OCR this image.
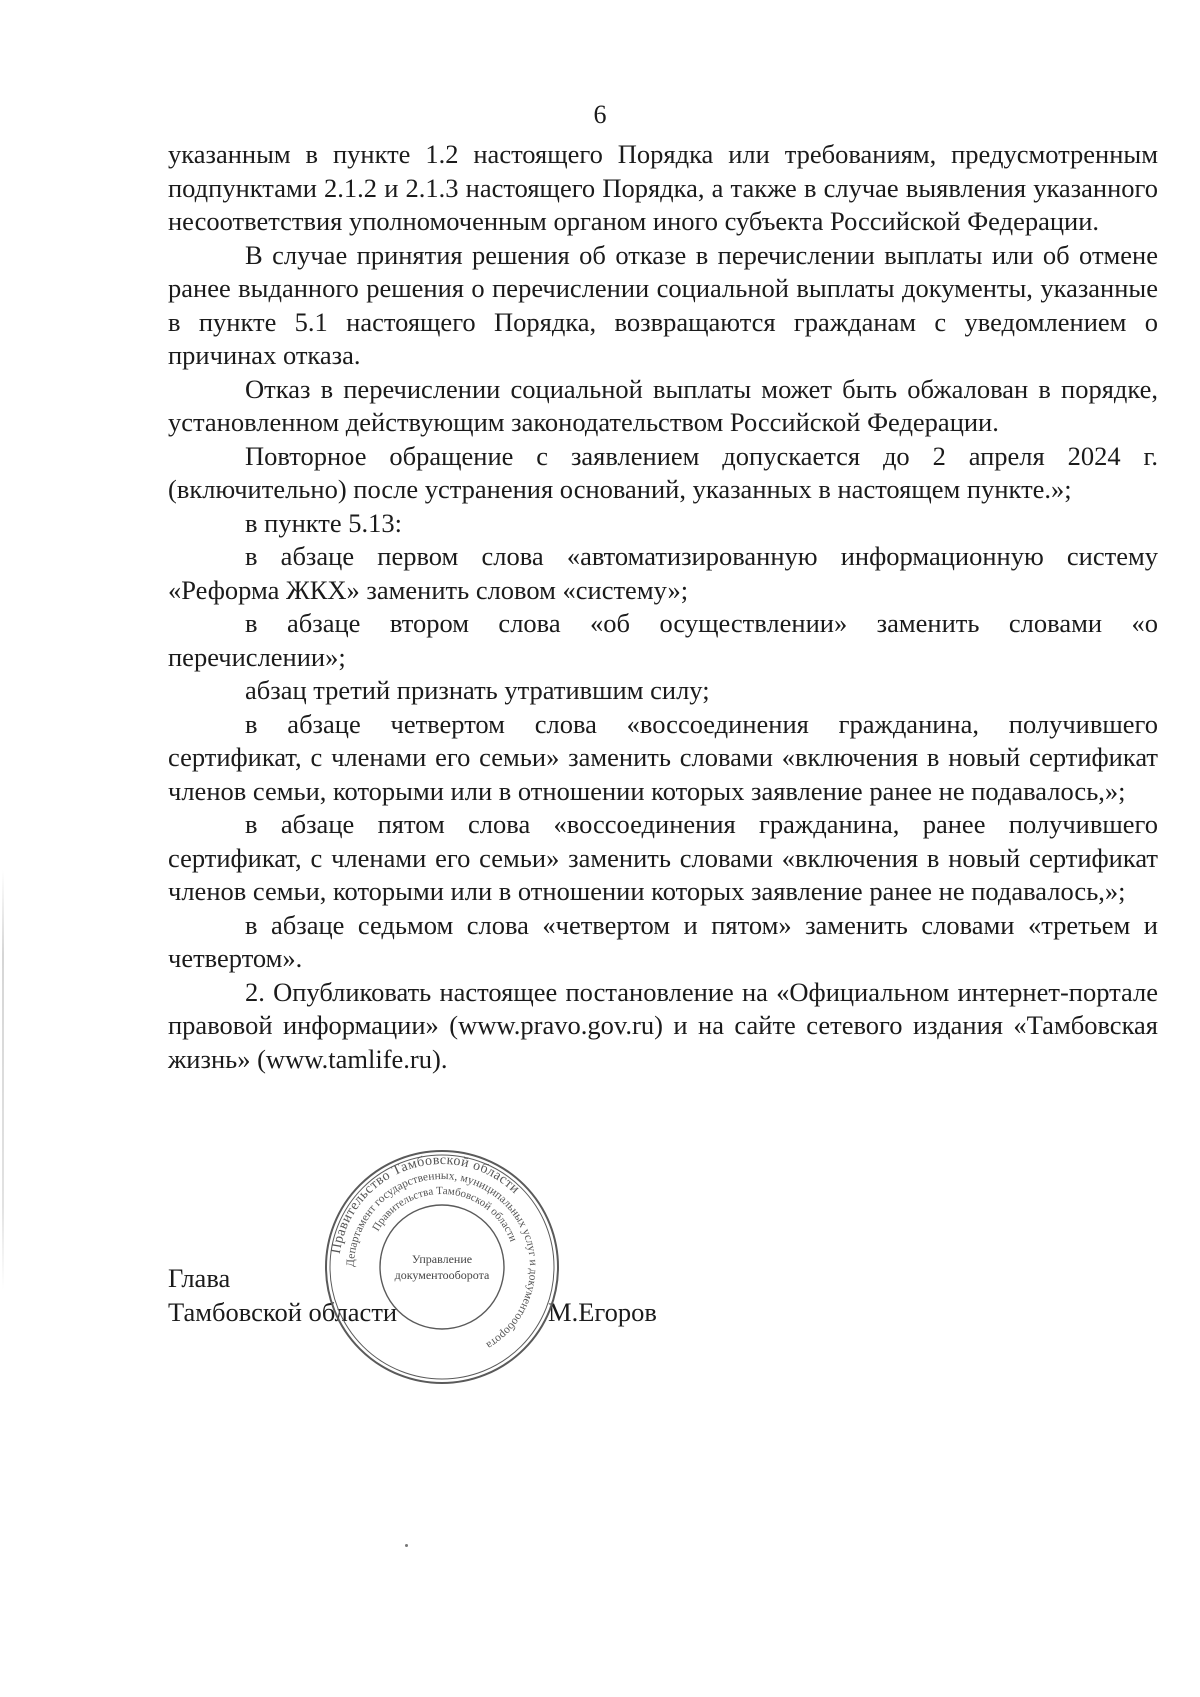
6

указанным в пункте 1.2 настоящего Порядка или требованиям, предусмотренным подпунктами 2.1.2 и 2.1.3 настоящего Порядка, а также в случае выявления указанного несоответствия уполномоченным органом иного субъекта Российской Федерации.

В случае принятия решения об отказе в перечислении выплаты или об отмене ранее выданного решения о перечислении социальной выплаты документы, указанные в пункте 5.1 настоящего Порядка, возвращаются гражданам с уведомлением о причинах отказа.

Отказ в перечислении социальной выплаты может быть обжалован в порядке, установленном действующим законодательством Российской Федерации.

Повторное обращение с заявлением допускается до 2 апреля 2024 г. (включительно) после устранения оснований, указанных в настоящем пункте.»;

в пункте 5.13:

в абзаце первом слова «автоматизированную информационную систему «Реформа ЖКХ» заменить словом «систему»;

в абзаце втором слова «об осуществлении» заменить словами «о перечислении»;

абзац третий признать утратившим силу;

в абзаце четвертом слова «воссоединения гражданина, получившего сертификат, с членами его семьи» заменить словами «включения в новый сертификат членов семьи, которыми или в отношении которых заявление ранее не подавалось,»;

в абзаце пятом слова «воссоединения гражданина, ранее получившего сертификат, с членами его семьи» заменить словами «включения в новый сертификат членов семьи, которыми или в отношении которых заявление ранее не подавалось,»;

в абзаце седьмом слова «четвертом и пятом» заменить словами «третьем и четвертом».

2. Опубликовать настоящее постановление на «Официальном интернет-портале правовой информации» (www.pravo.gov.ru) и на сайте сетевого издания «Тамбовская жизнь» (www.tamlife.ru).

Глава
Тамбовской области	М.Егоров
Правительство Тамбовской области
Департамент государственных, муниципальных услуг и документооборота
Правительства Тамбовской области
Управление
документооборота
